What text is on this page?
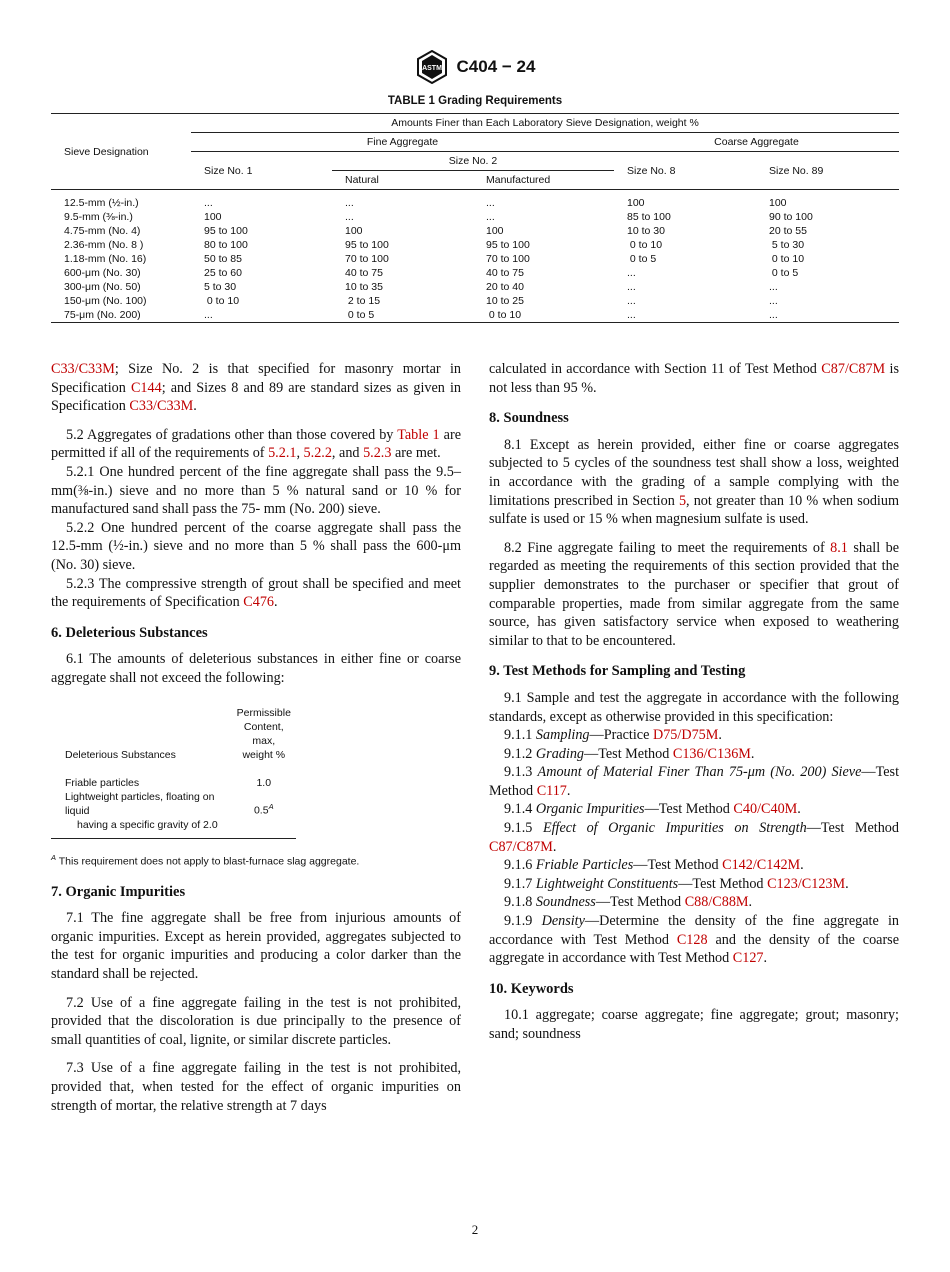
ASTM C404 − 24
TABLE 1 Grading Requirements
Sieve Designation	Amounts Finer than Each Laboratory Sieve Designation, weight %				
	Fine Aggregate			Coarse Aggregate	
	Size No. 1	Size No. 2		Size No. 8	Size No. 89
		Natural	Manufactured		
12.5-mm (½-in.)	...	...	...	100	100
9.5-mm (⅜-in.)	100	...	...	85 to 100	90 to 100
4.75-mm (No. 4)	95 to 100	100	100	10 to 30	20 to 55
2.36-mm (No. 8 )	80 to 100	95 to 100	95 to 100	0 to 10	5 to 30
1.18-mm (No. 16)	50 to 85	70 to 100	70 to 100	0 to 5	0 to 10
600-μm (No. 30)	25 to 60	40 to 75	40 to 75	...	0 to 5
300-μm (No. 50)	5 to 30	10 to 35	20 to 40	...	...
150-μm (No. 100)	0 to 10	2 to 15	10 to 25	...	...
75-μm (No. 200)	...	0 to 5	0 to 10	...	...

C33/C33M; Size No. 2 is that specified for masonry mortar in Specification C144; and Sizes 8 and 89 are standard sizes as given in Specification C33/C33M.

5.2 Aggregates of gradations other than those covered by Table 1 are permitted if all of the requirements of 5.2.1, 5.2.2, and 5.2.3 are met.

5.2.1 One hundred percent of the fine aggregate shall pass the 9.5–mm(⅜-in.) sieve and no more than 5 % natural sand or 10 % for manufactured sand shall pass the 75- mm (No. 200) sieve.

5.2.2 One hundred percent of the coarse aggregate shall pass the 12.5-mm (½-in.) sieve and no more than 5 % shall pass the 600-μm (No. 30) sieve.

5.2.3 The compressive strength of grout shall be specified and meet the requirements of Specification C476.

6. Deleterious Substances

6.1 The amounts of deleterious substances in either fine or coarse aggregate shall not exceed the following:

Deleterious Substances	Permissible
Content, max,
weight %

Friable particles	1.0
Lightweight particles, floating on liquid	$0.5^A$
having a specific gravity of 2.0	
$^A$ This requirement does not apply to blast-furnace slag aggregate.
7. Organic Impurities

7.1 The fine aggregate shall be free from injurious amounts of organic impurities. Except as herein provided, aggregates subjected to the test for organic impurities and producing a color darker than the standard shall be rejected.

7.2 Use of a fine aggregate failing in the test is not prohibited, provided that the discoloration is due principally to the presence of small quantities of coal, lignite, or similar discrete particles.

7.3 Use of a fine aggregate failing in the test is not prohibited, provided that, when tested for the effect of organic impurities on strength of mortar, the relative strength at 7 days

calculated in accordance with Section 11 of Test Method C87/C87M is not less than 95 %.

8. Soundness

8.1 Except as herein provided, either fine or coarse aggregates subjected to 5 cycles of the soundness test shall show a loss, weighted in accordance with the grading of a sample complying with the limitations prescribed in Section 5, not greater than 10 % when sodium sulfate is used or 15 % when magnesium sulfate is used.

8.2 Fine aggregate failing to meet the requirements of 8.1 shall be regarded as meeting the requirements of this section provided that the supplier demonstrates to the purchaser or specifier that grout of comparable properties, made from similar aggregate from the same source, has given satisfactory service when exposed to weathering similar to that to be encountered.

9. Test Methods for Sampling and Testing

9.1 Sample and test the aggregate in accordance with the following standards, except as otherwise provided in this specification:

9.1.1 Sampling—Practice D75/D75M.

9.1.2 Grading—Test Method C136/C136M.

9.1.3 Amount of Material Finer Than 75-μm (No. 200) Sieve—Test Method C117.

9.1.4 Organic Impurities—Test Method C40/C40M.

9.1.5 Effect of Organic Impurities on Strength—Test Method C87/C87M.

9.1.6 Friable Particles—Test Method C142/C142M.

9.1.7 Lightweight Constituents—Test Method C123/C123M.

9.1.8 Soundness—Test Method C88/C88M.

9.1.9 Density—Determine the density of the fine aggregate in accordance with Test Method C128 and the density of the coarse aggregate in accordance with Test Method C127.

10. Keywords

10.1 aggregate; coarse aggregate; fine aggregate; grout; masonry; sand; soundness

2
